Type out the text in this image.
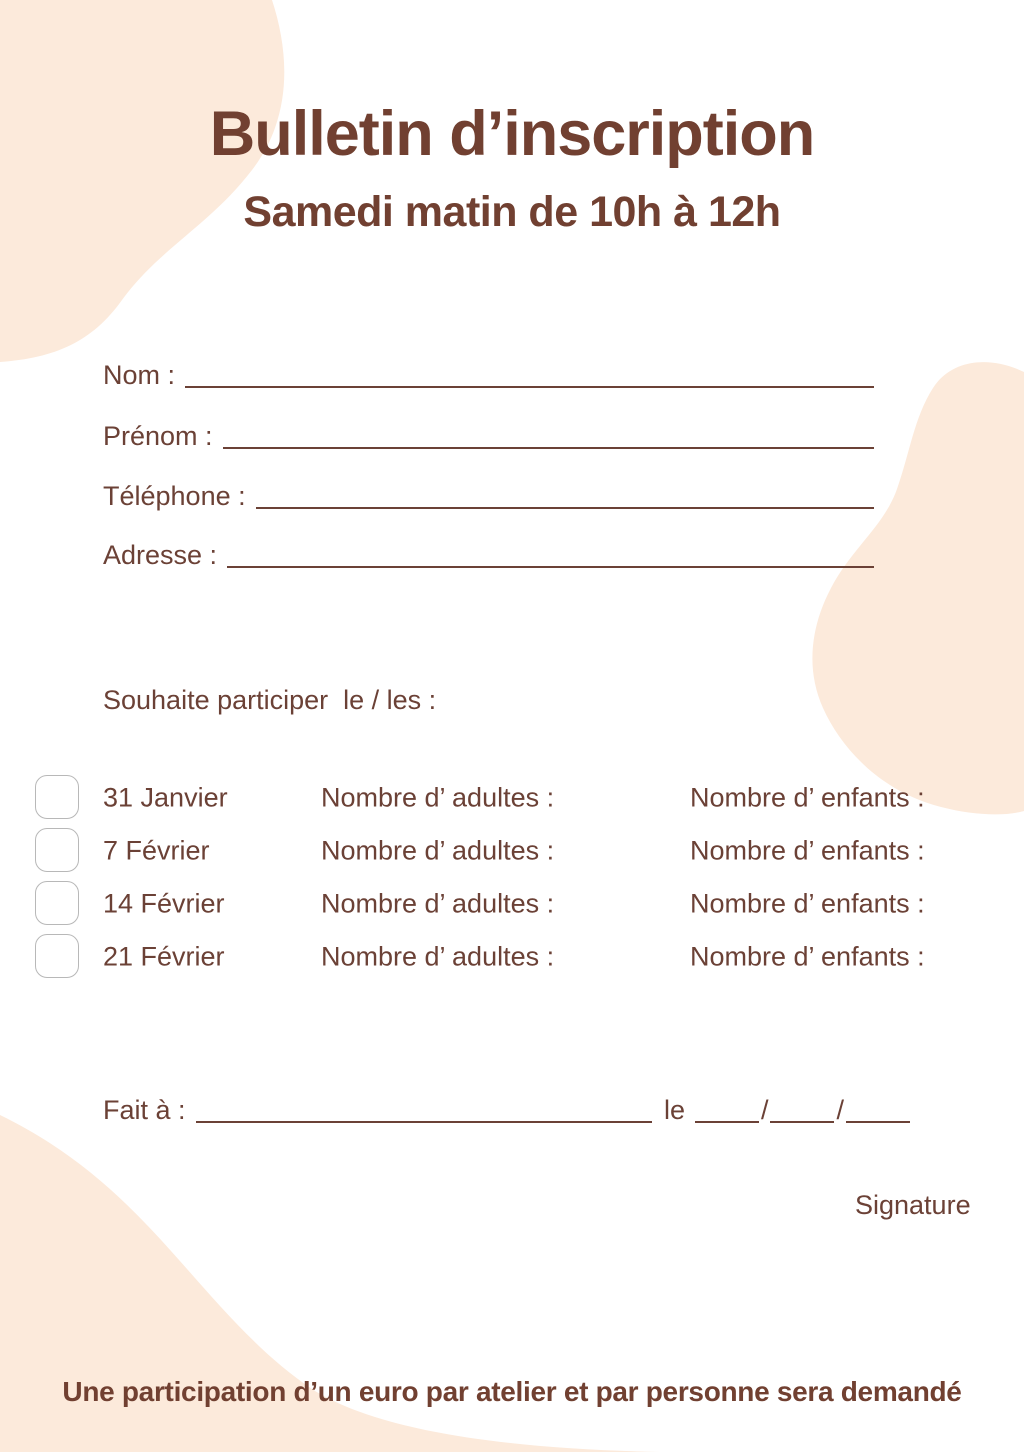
Bulletin d’inscription
Samedi matin de 10h à 12h
Nom :
Prénom :
Téléphone :
Adresse :
Souhaite participer  le / les :
31 Janvier	Nombre d’ adultes :	Nombre d’ enfants :
7 Février	Nombre d’ adultes :	Nombre d’ enfants :
14 Février	Nombre d’ adultes :	Nombre d’ enfants :
21 Février	Nombre d’ adultes :	Nombre d’ enfants :
Fait à :	le	/	/
Signature
Une participation d’un euro par atelier et par personne sera demandé
